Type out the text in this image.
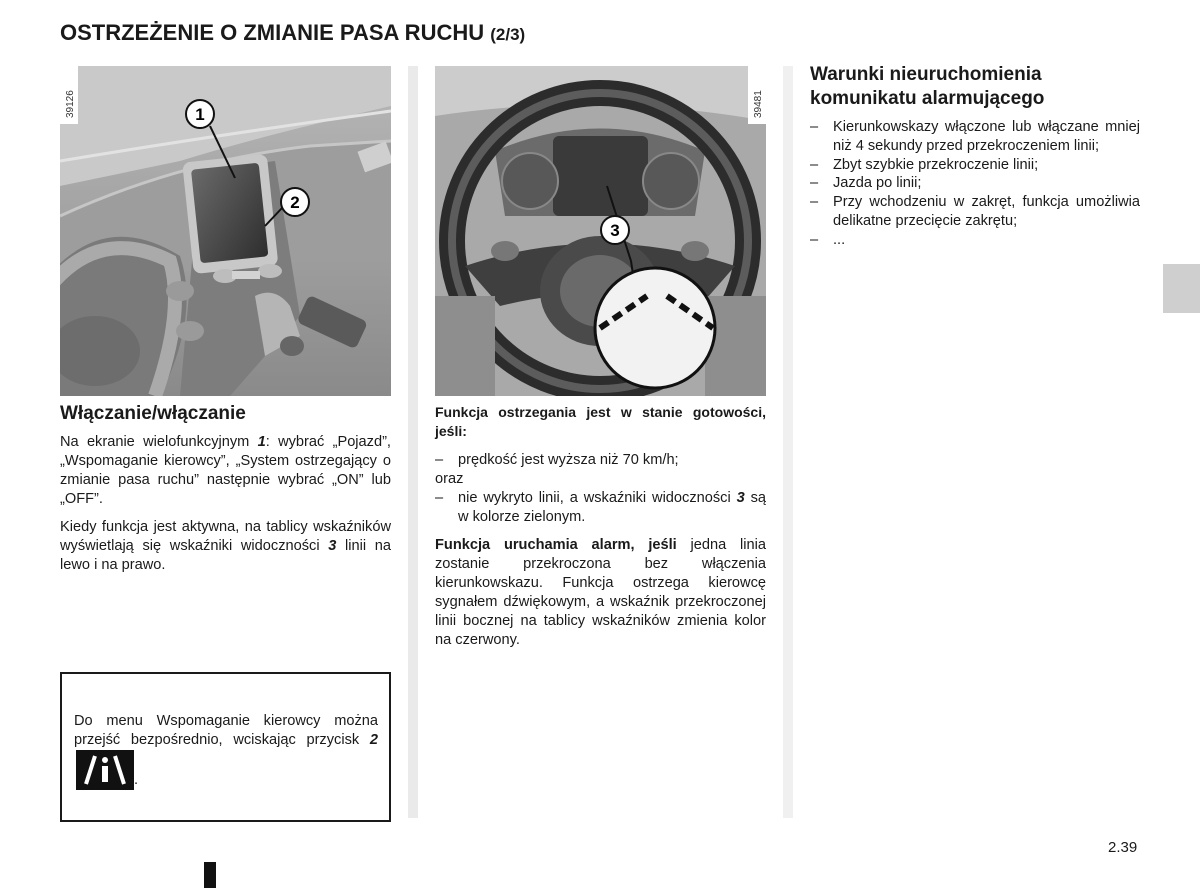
OSTRZEŻENIE O ZMIANIE PASA RUCHU (2/3)
1
2
39126
3
39481
Włączanie/włączanie
Na ekranie wielofunkcyjnym 1: wybrać „Pojazd”, „Wspomaganie kierowcy”, „System ostrzegający o zmianie pasa ruchu” następnie wybrać „ON” lub „OFF”.
Kiedy funkcja jest aktywna, na tablicy wskaźników wyświetlają się wskaźniki widoczności 3 linii na lewo i na prawo.
Do menu Wspomaganie kierowcy można przejść bezpośrednio, wciskając przycisk 2 .
Funkcja ostrzegania jest w stanie gotowości, jeśli:
– prędkość jest wyższa niż 70 km/h;
oraz
– nie wykryto linii, a wskaźniki widoczności 3 są w kolorze zielonym.
Funkcja uruchamia alarm, jeśli jedna linia zostanie przekroczona bez włączenia kierunkowskazu. Funkcja ostrzega kierowcę sygnałem dźwiękowym, a wskaźnik przekroczonej linii bocznej na tablicy wskaźników zmienia kolor na czerwony.
Warunki nieuruchomienia komunikatu alarmującego
– Kierunkowskazy włączone lub włączane mniej niż 4 sekundy przed przekroczeniem linii;
– Zbyt szybkie przekroczenie linii;
– Jazda po linii;
– Przy wchodzeniu w zakręt, funkcja umożliwia delikatne przecięcie zakrętu;
– ...
2.39
